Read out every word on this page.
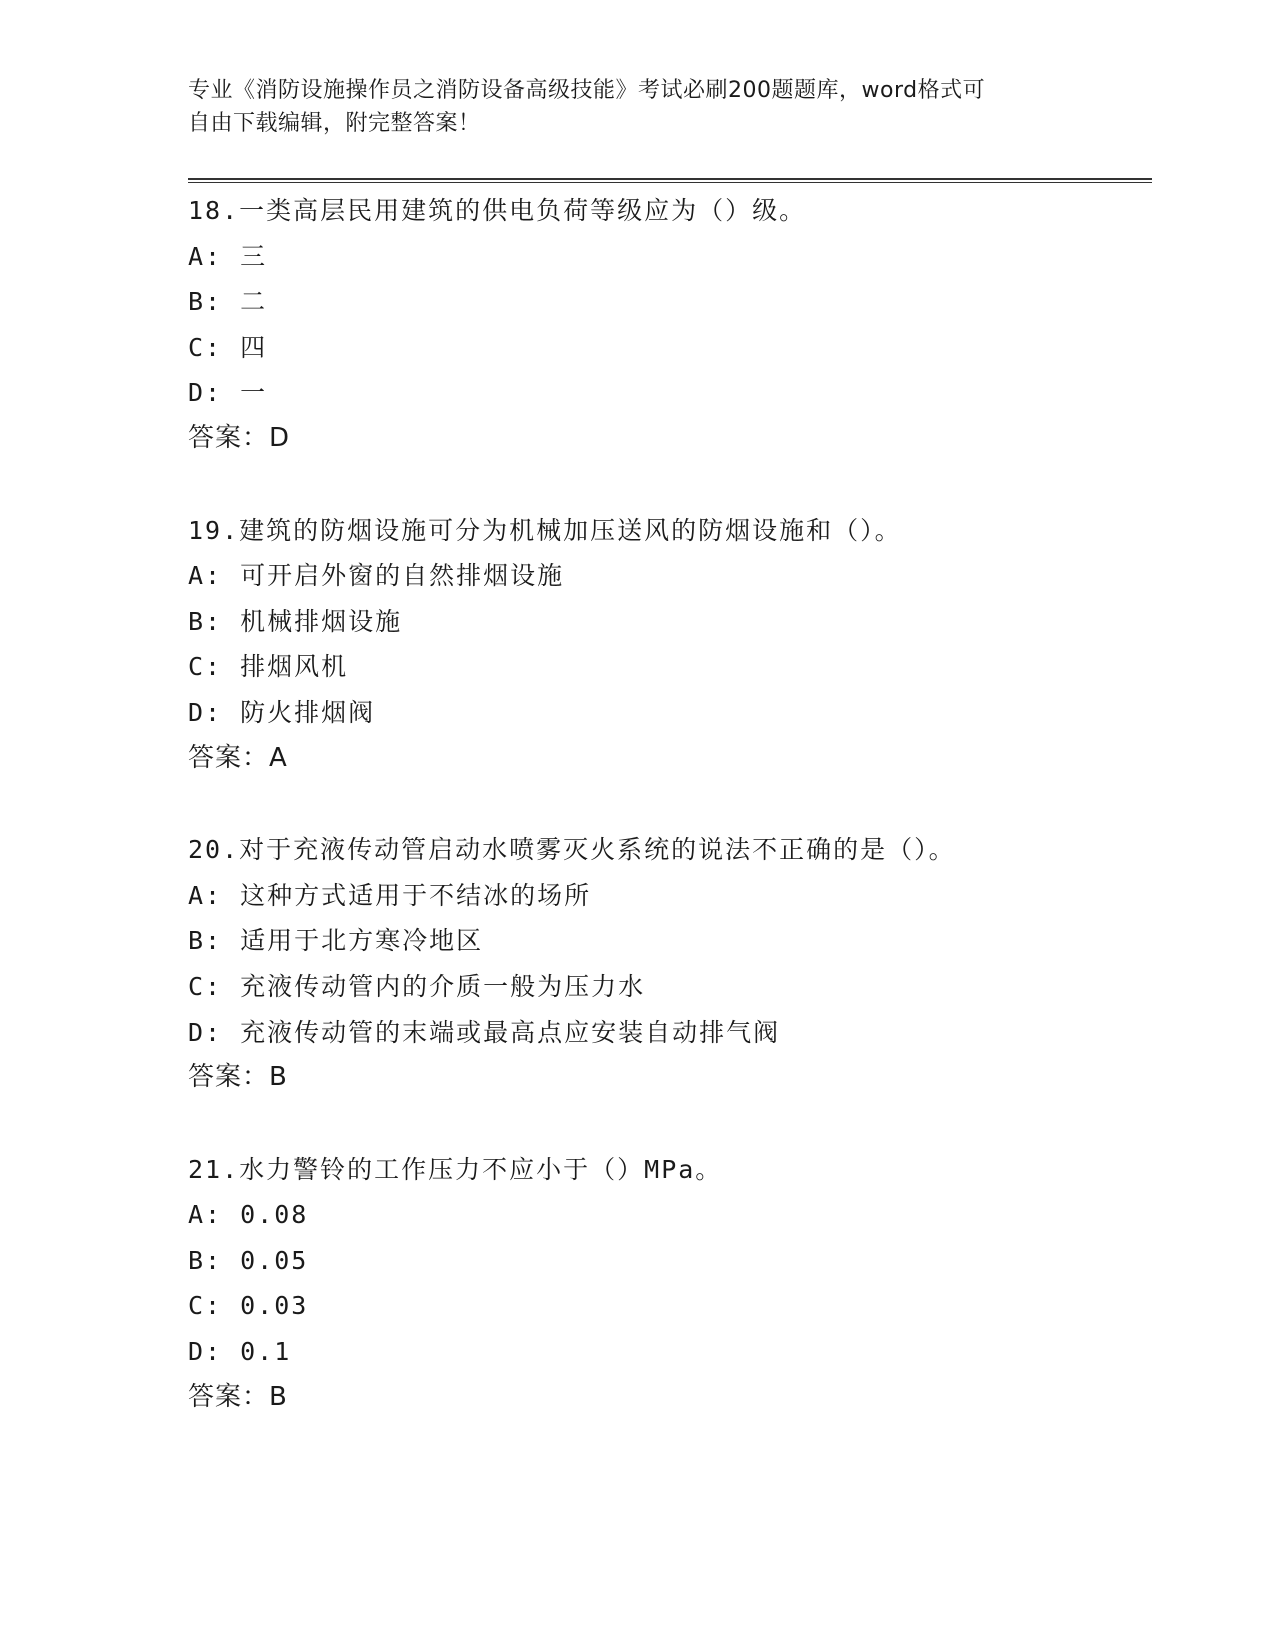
专业《消防设施操作员之消防设备高级技能》考试必刷200题题库，word格式可
自由下载编辑，附完整答案！
18.一类高层民用建筑的供电负荷等级应为（）级。
A: 三
B: 二
C: 四
D: 一
答案：D
19.建筑的防烟设施可分为机械加压送风的防烟设施和（）。
A: 可开启外窗的自然排烟设施
B: 机械排烟设施
C: 排烟风机
D: 防火排烟阀
答案：A
20.对于充液传动管启动水喷雾灭火系统的说法不正确的是（）。
A: 这种方式适用于不结冰的场所
B: 适用于北方寒冷地区
C: 充液传动管内的介质一般为压力水
D: 充液传动管的末端或最高点应安装自动排气阀
答案：B
21.水力警铃的工作压力不应小于（）MPa。
A: 0.08
B: 0.05
C: 0.03
D: 0.1
答案：B
